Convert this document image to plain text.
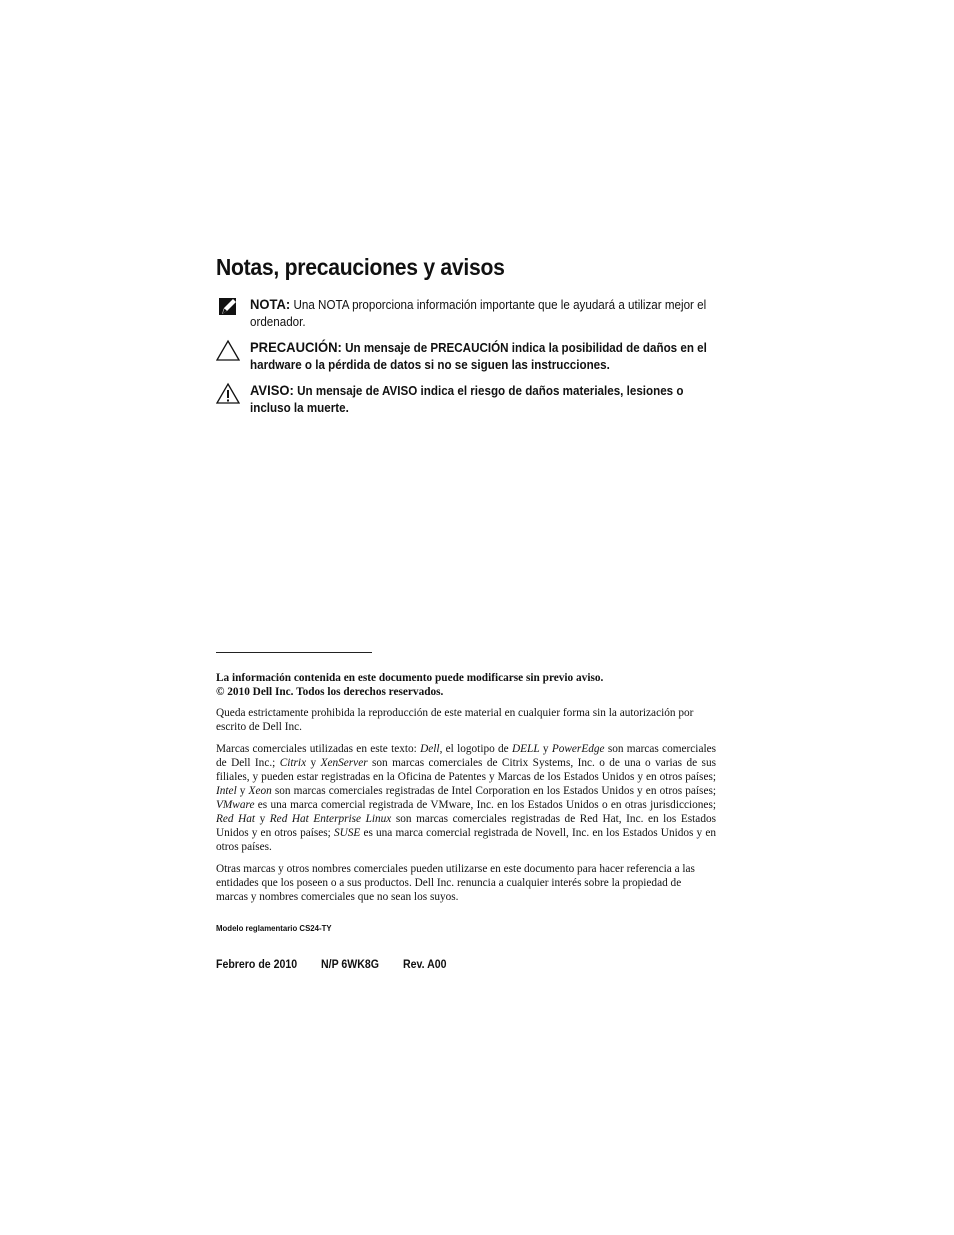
Notas, precauciones y avisos
NOTA: Una NOTA proporciona información importante que le ayudará a utilizar mejor el ordenador.
PRECAUCIÓN: Un mensaje de PRECAUCIÓN indica la posibilidad de daños en el hardware o la pérdida de datos si no se siguen las instrucciones.
AVISO: Un mensaje de AVISO indica el riesgo de daños materiales, lesiones o incluso la muerte.
La información contenida en este documento puede modificarse sin previo aviso.
© 2010 Dell Inc. Todos los derechos reservados.

Queda estrictamente prohibida la reproducción de este material en cualquier forma sin la autorización por escrito de Dell Inc.

Marcas comerciales utilizadas en este texto: Dell, el logotipo de DELL y PowerEdge son marcas comerciales de Dell Inc.; Citrix y XenServer son marcas comerciales de Citrix Systems, Inc. o de una o varias de sus filiales, y pueden estar registradas en la Oficina de Patentes y Marcas de los Estados Unidos y en otros países; Intel y Xeon son marcas comerciales registradas de Intel Corporation en los Estados Unidos y en otros países; VMware es una marca comercial registrada de VMware, Inc. en los Estados Unidos o en otras jurisdicciones; Red Hat y Red Hat Enterprise Linux son marcas comerciales registradas de Red Hat, Inc. en los Estados Unidos y en otros países; SUSE es una marca comercial registrada de Novell, Inc. en los Estados Unidos y en otros países.

Otras marcas y otros nombres comerciales pueden utilizarse en este documento para hacer referencia a las entidades que los poseen o a sus productos. Dell Inc. renuncia a cualquier interés sobre la propiedad de marcas y nombres comerciales que no sean los suyos.

Modelo reglamentario CS24-TY
Febrero de 2010 N/P 6WK8G Rev. A00
